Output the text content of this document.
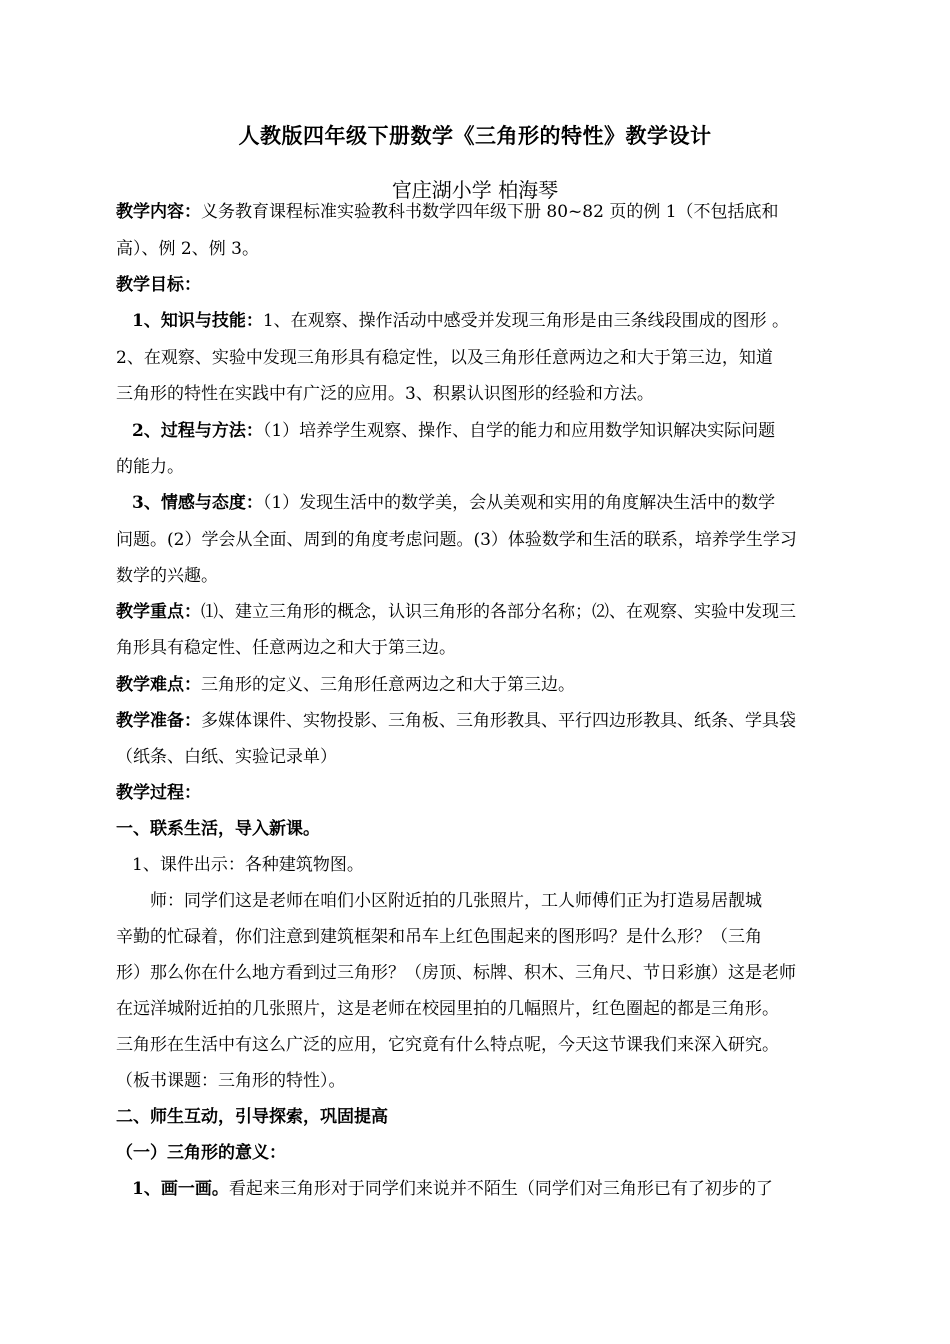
人教版四年级下册数学《三角形的特性》教学设计
官庄湖小学 柏海琴
教学内容：义务教育课程标准实验教科书数学四年级下册 80~82 页的例 1（不包括底和
高）、例 2、例 3。
教学目标：
1、知识与技能：1、在观察、操作活动中感受并发现三角形是由三条线段围成的图形 。
2、在观察、实验中发现三角形具有稳定性，以及三角形任意两边之和大于第三边，知道
三角形的特性在实践中有广泛的应用。3、积累认识图形的经验和方法。
2、过程与方法：（1）培养学生观察、操作、自学的能力和应用数学知识解决实际问题
的能力。
3、情感与态度：（1）发现生活中的数学美，会从美观和实用的角度解决生活中的数学
问题。(2）学会从全面、周到的角度考虑问题。(3）体验数学和生活的联系，培养学生学习
数学的兴趣。
教学重点：⑴、建立三角形的概念，认识三角形的各部分名称；⑵、在观察、实验中发现三
角形具有稳定性、任意两边之和大于第三边。
教学难点：三角形的定义、三角形任意两边之和大于第三边。
教学准备：多媒体课件、实物投影、三角板、三角形教具、平行四边形教具、纸条、学具袋
（纸条、白纸、实验记录单）
教学过程：
一、联系生活，导入新课。
1、课件出示：各种建筑物图。
师：同学们这是老师在咱们小区附近拍的几张照片，工人师傅们正为打造易居靓城
辛勤的忙碌着，你们注意到建筑框架和吊车上红色围起来的图形吗？是什么形？（三角
形）那么你在什么地方看到过三角形？（房顶、标牌、积木、三角尺、节日彩旗）这是老师
在远洋城附近拍的几张照片，这是老师在校园里拍的几幅照片，红色圈起的都是三角形。
三角形在生活中有这么广泛的应用，它究竟有什么特点呢，今天这节课我们来深入研究。
（板书课题：三角形的特性）。
二、师生互动，引导探索，巩固提高
（一）三角形的意义：
1、画一画。看起来三角形对于同学们来说并不陌生（同学们对三角形已有了初步的了
